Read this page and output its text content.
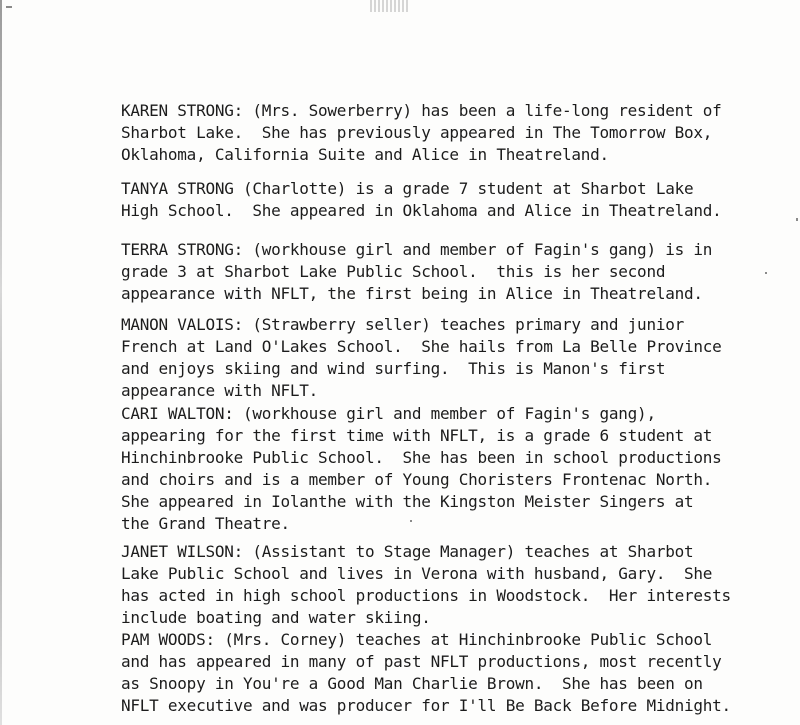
KAREN STRONG: (Mrs. Sowerberry) has been a life-long resident of
Sharbot Lake.  She has previously appeared in The Tomorrow Box,
Oklahoma, California Suite and Alice in Theatreland.
TANYA STRONG (Charlotte) is a grade 7 student at Sharbot Lake
High School.  She appeared in Oklahoma and Alice in Theatreland.
TERRA STRONG: (workhouse girl and member of Fagin's gang) is in
grade 3 at Sharbot Lake Public School.  this is her second
appearance with NFLT, the first being in Alice in Theatreland.
MANON VALOIS: (Strawberry seller) teaches primary and junior
French at Land O'Lakes School.  She hails from La Belle Province
and enjoys skiing and wind surfing.  This is Manon's first
appearance with NFLT.
CARI WALTON: (workhouse girl and member of Fagin's gang),
appearing for the first time with NFLT, is a grade 6 student at
Hinchinbrooke Public School.  She has been in school productions
and choirs and is a member of Young Choristers Frontenac North.
She appeared in Iolanthe with the Kingston Meister Singers at
the Grand Theatre.
JANET WILSON: (Assistant to Stage Manager) teaches at Sharbot
Lake Public School and lives in Verona with husband, Gary.  She
has acted in high school productions in Woodstock.  Her interests
include boating and water skiing.
PAM WOODS: (Mrs. Corney) teaches at Hinchinbrooke Public School
and has appeared in many of past NFLT productions, most recently
as Snoopy in You're a Good Man Charlie Brown.  She has been on
NFLT executive and was producer for I'll Be Back Before Midnight.
